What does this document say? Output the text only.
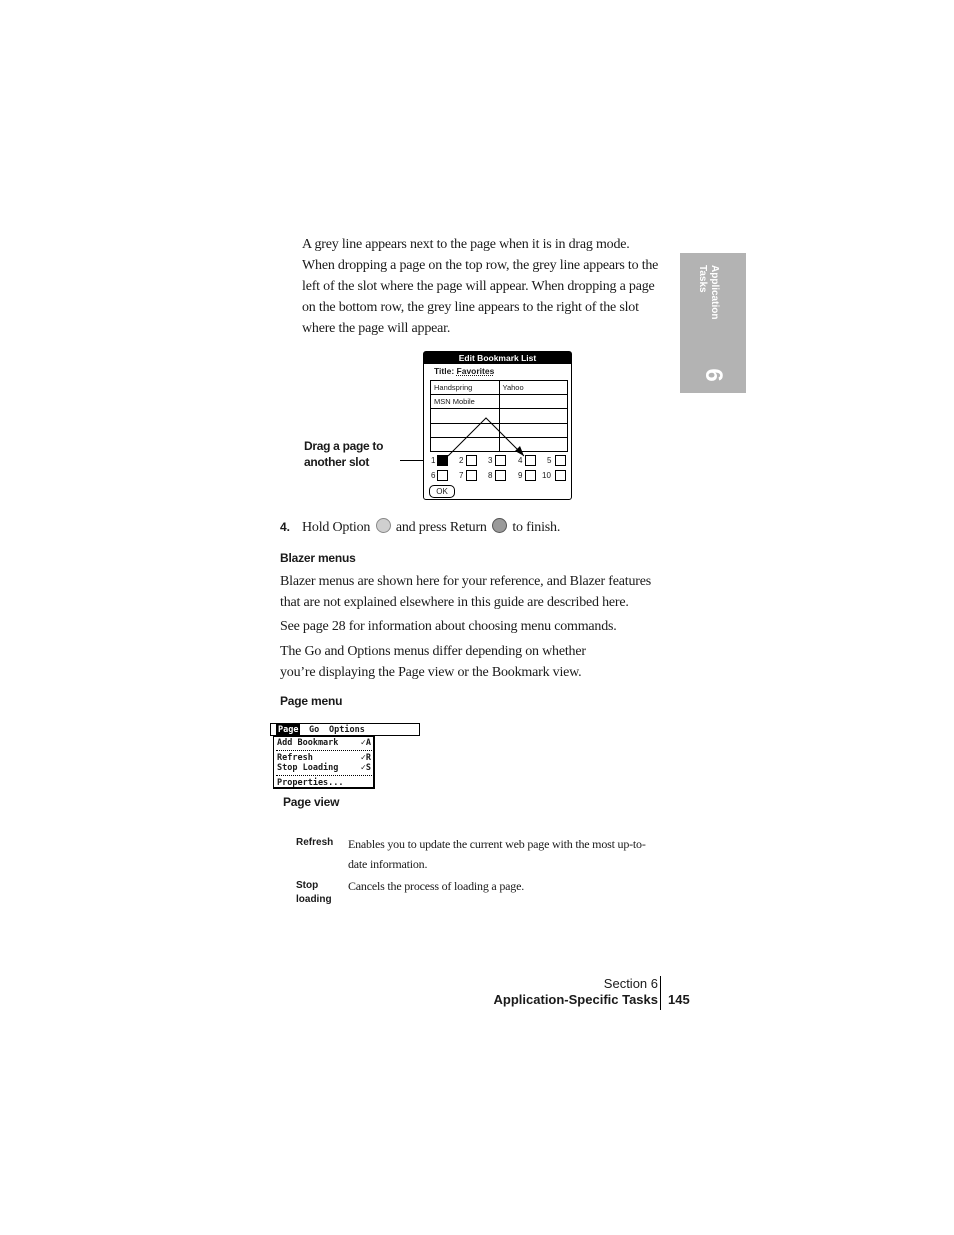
A grey line appears next to the page when it is in drag mode. When dropping a page on the top row, the grey line appears to the left of the slot where the page will appear. When dropping a page on the bottom row, the grey line appears to the right of the slot where the page will appear.
Application
Tasks
6
Drag a page to another slot
Edit Bookmark List
Title: Favorites
Handspring	Yahoo
MSN Mobile	

1	2	3	4	5
6	7	8	9 10
OK
4. Hold Option and press Return to finish.
Blazer menus
Blazer menus are shown here for your reference, and Blazer features that are not explained elsewhere in this guide are described here.
See page 28 for information about choosing menu commands.
The Go and Options menus differ depending on whether you’re displaying the Page view or the Bookmark view.
Page menu
Page Go Options
Add Bookmark	✓A
Refresh	✓R
Stop Loading	✓S
Properties...
Page view
Refresh Enables you to update the current web page with the most up-to-date information.
Stop
loading
Cancels the process of loading a page.
Section 6
Application-Specific Tasks 145
